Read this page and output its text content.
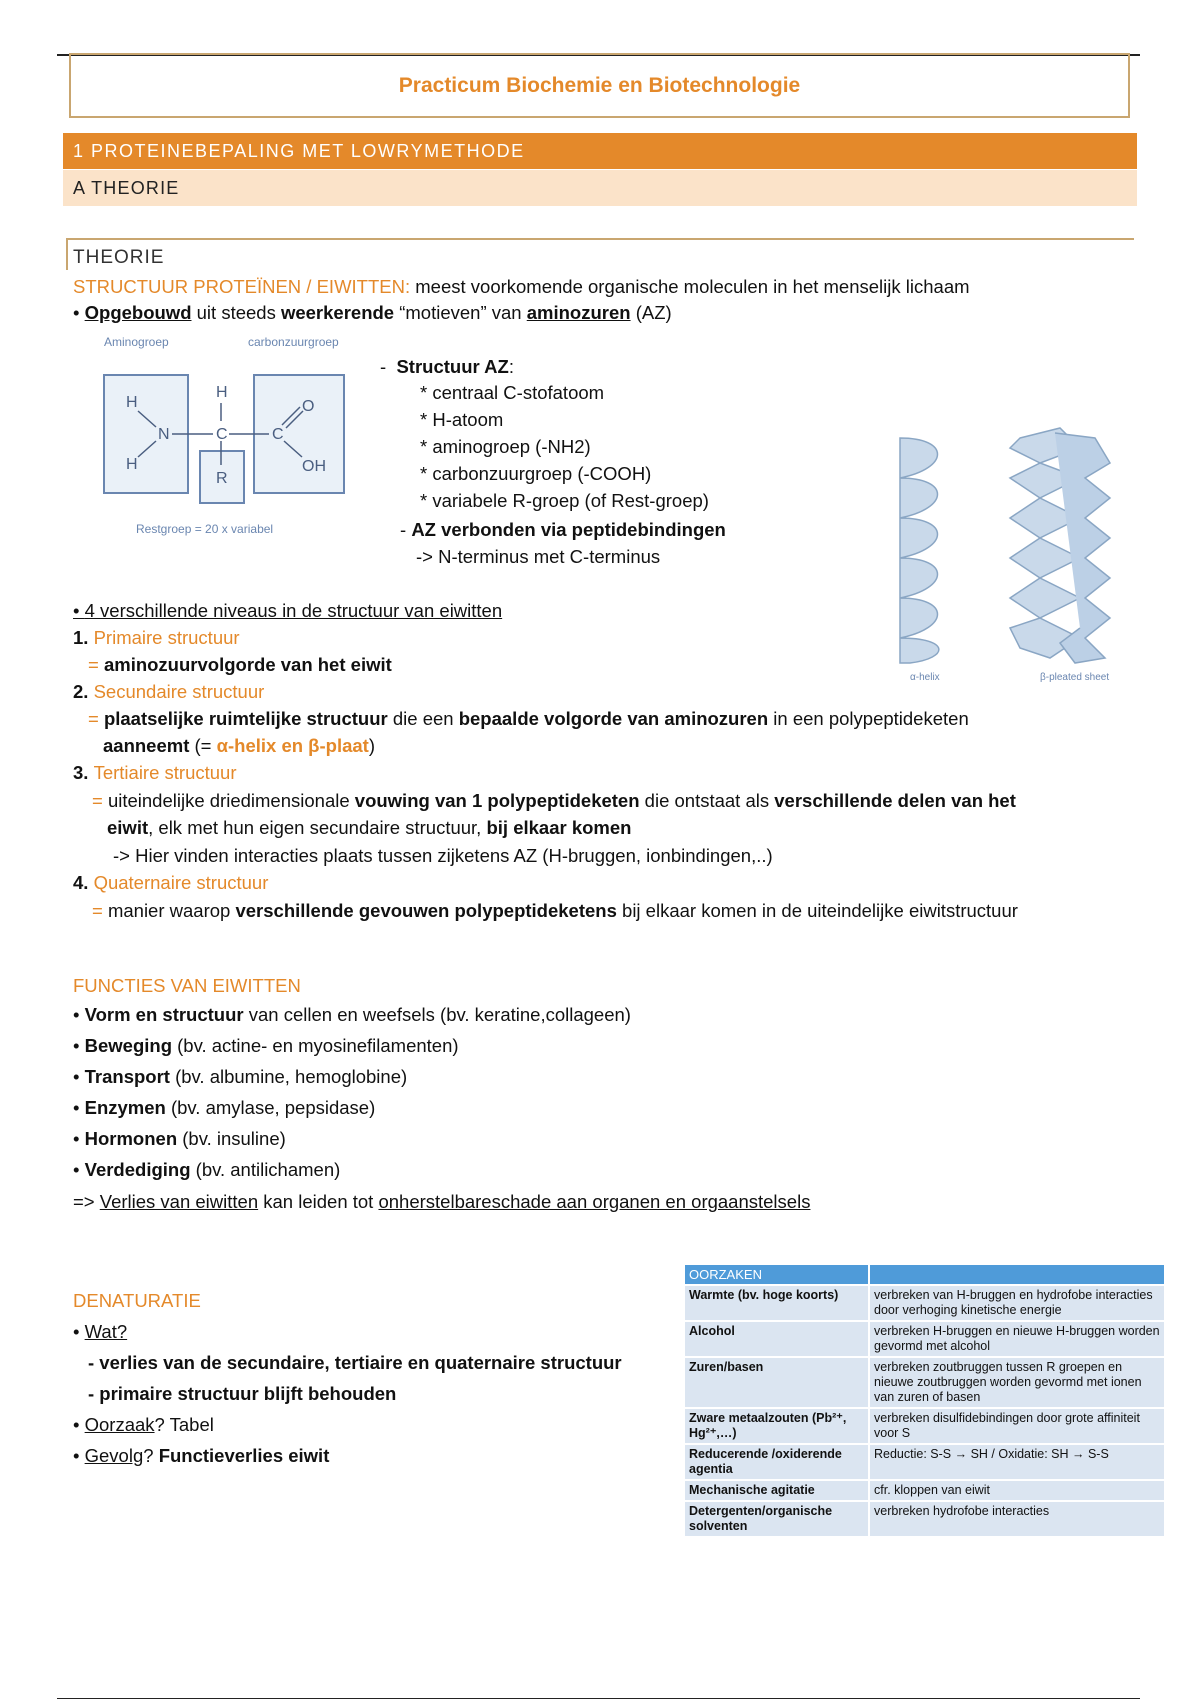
Practicum Biochemie en Biotechnologie
1 PROTEINEBEPALING MET LOWRYMETHODE
A THEORIE
THEORIE
STRUCTUUR PROTEÏNEN / EIWITTEN: meest voorkomende organische moleculen in het menselijk lichaam
• Opgebouwd uit steeds weerkerende “motieven” van aminozuren (AZ)
Aminogroep	carbonzuurgroep
H
H
N
H
C	C
O
OH
R
Restgroep = 20 x variabel
-  Structuur AZ:
* centraal C-stofatoom
* H-atoom
* aminogroep (-NH2)
* carbonzuurgroep (-COOH)
* variabele R-groep (of Rest-groep)
- AZ verbonden via peptidebindingen
-> N-terminus met C-terminus
α-helix	β-pleated sheet
• 4 verschillende niveaus in de structuur van eiwitten
1. Primaire structuur
= aminozuurvolgorde van het eiwit
2. Secundaire structuur
= plaatselijke ruimtelijke structuur die een bepaalde volgorde van aminozuren in een polypeptideketen
aanneemt (= α-helix en β-plaat)
3. Tertiaire structuur
= uiteindelijke driedimensionale vouwing van 1 polypeptideketen die ontstaat als verschillende delen van het
eiwit, elk met hun eigen secundaire structuur, bij elkaar komen
-> Hier vinden interacties plaats tussen zijketens AZ (H-bruggen, ionbindingen,..)
4. Quaternaire structuur
= manier waarop verschillende gevouwen polypeptideketens bij elkaar komen in de uiteindelijke eiwitstructuur
FUNCTIES VAN EIWITTEN
• Vorm en structuur van cellen en weefsels (bv. keratine,collageen)
• Beweging (bv. actine- en myosinefilamenten)
• Transport (bv. albumine, hemoglobine)
• Enzymen (bv. amylase, pepsidase)
• Hormonen (bv. insuline)
• Verdediging (bv. antilichamen)
=> Verlies van eiwitten kan leiden tot onherstelbareschade aan organen en orgaanstelsels
DENATURATIE
• Wat?
- verlies van de secundaire, tertiaire en quaternaire structuur
- primaire structuur blijft behouden
• Oorzaak? Tabel
• Gevolg? Functieverlies eiwit
OORZAKEN	
Warmte (bv. hoge koorts)	verbreken van H-bruggen en hydrofobe interacties door verhoging kinetische energie
Alcohol	verbreken H-bruggen en nieuwe H-bruggen worden gevormd met alcohol
Zuren/basen	verbreken zoutbruggen tussen R groepen en nieuwe zoutbruggen worden gevormd met ionen van zuren of basen
Zware metaalzouten (Pb²⁺, Hg²⁺,…)	verbreken disulfidebindingen door grote affiniteit voor S
Reducerende /oxiderende agentia	Reductie: S-S → SH / Oxidatie: SH → S-S
Mechanische agitatie	cfr. kloppen van eiwit
Detergenten/organische solventen	verbreken hydrofobe interacties
